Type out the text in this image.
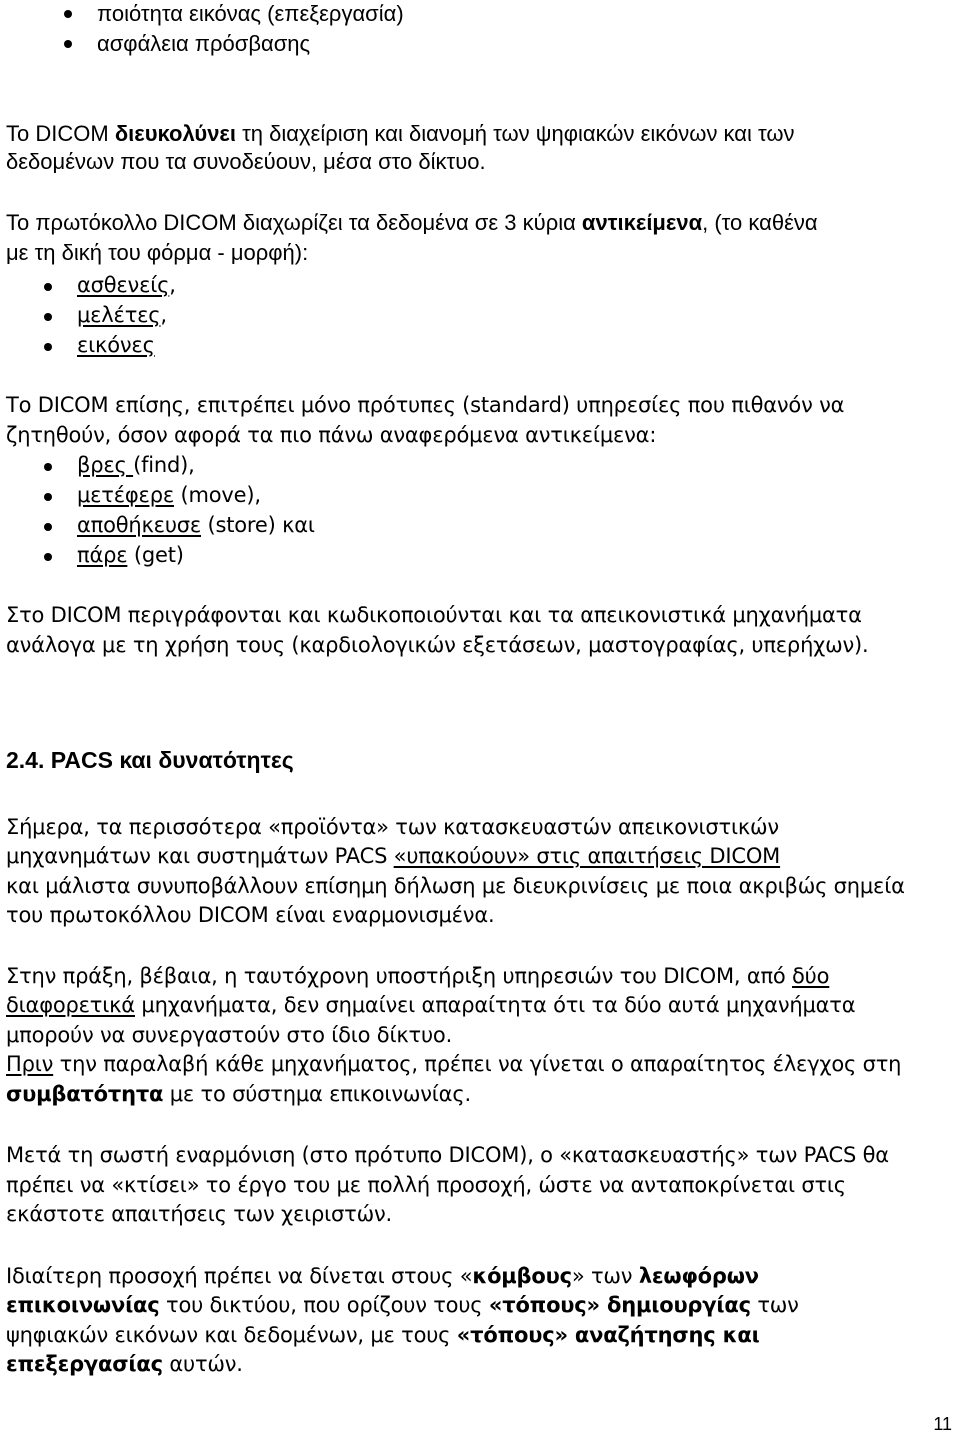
ποιότητα εικόνας (επεξεργασία)
ασφάλεια πρόσβασης
Το DICOM διευκολύνει τη διαχείριση και διανομή των ψηφιακών εικόνων και των
δεδομένων που τα συνοδεύουν, μέσα στο δίκτυο.
Το πρωτόκολλο DICOM διαχωρίζει τα δεδομένα σε 3 κύρια αντικείμενα, (το καθένα
με τη δική του φόρμα - μορφή):
ασθενείς,
μελέτες,
εικόνες
Το DICOM επίσης, επιτρέπει μόνο πρότυπες (standard) υπηρεσίες που πιθανόν να
ζητηθούν, όσον αφορά τα πιο πάνω αναφερόμενα αντικείμενα:
βρες (find),
μετέφερε (move),
αποθήκευσε (store) και
πάρε (get)
Στο DICOM περιγράφονται και κωδικοποιούνται και τα απεικονιστικά μηχανήματα
ανάλογα με τη χρήση τους (καρδιολογικών εξετάσεων, μαστογραφίας, υπερήχων).
2.4. PACS και δυνατότητες
Σήμερα, τα περισσότερα «προϊόντα» των κατασκευαστών απεικονιστικών
μηχανημάτων και συστημάτων PACS «υπακούουν» στις απαιτήσεις DICOM
και μάλιστα συνυποβάλλουν επίσημη δήλωση με διευκρινίσεις με ποια ακριβώς σημεία
του πρωτοκόλλου DICOM είναι εναρμονισμένα.
Στην πράξη, βέβαια, η ταυτόχρονη υποστήριξη υπηρεσιών του DICOM, από δύο
διαφορετικά μηχανήματα, δεν σημαίνει απαραίτητα ότι τα δύο αυτά μηχανήματα
μπορούν να συνεργαστούν στο ίδιο δίκτυο.
Πριν την παραλαβή κάθε μηχανήματος, πρέπει να γίνεται ο απαραίτητος έλεγχος στη
συμβατότητα με το σύστημα επικοινωνίας.
Μετά τη σωστή εναρμόνιση (στο πρότυπο DICOM), ο «κατασκευαστής» των PACS θα
πρέπει να «κτίσει» το έργο του με πολλή προσοχή, ώστε να ανταποκρίνεται στις
εκάστοτε απαιτήσεις των χειριστών.
Ιδιαίτερη προσοχή πρέπει να δίνεται στους «κόμβους» των λεωφόρων
επικοινωνίας του δικτύου, που ορίζουν τους «τόπους» δημιουργίας των
ψηφιακών εικόνων και δεδομένων, με τους «τόπους» αναζήτησης και
επεξεργασίας αυτών.
11
